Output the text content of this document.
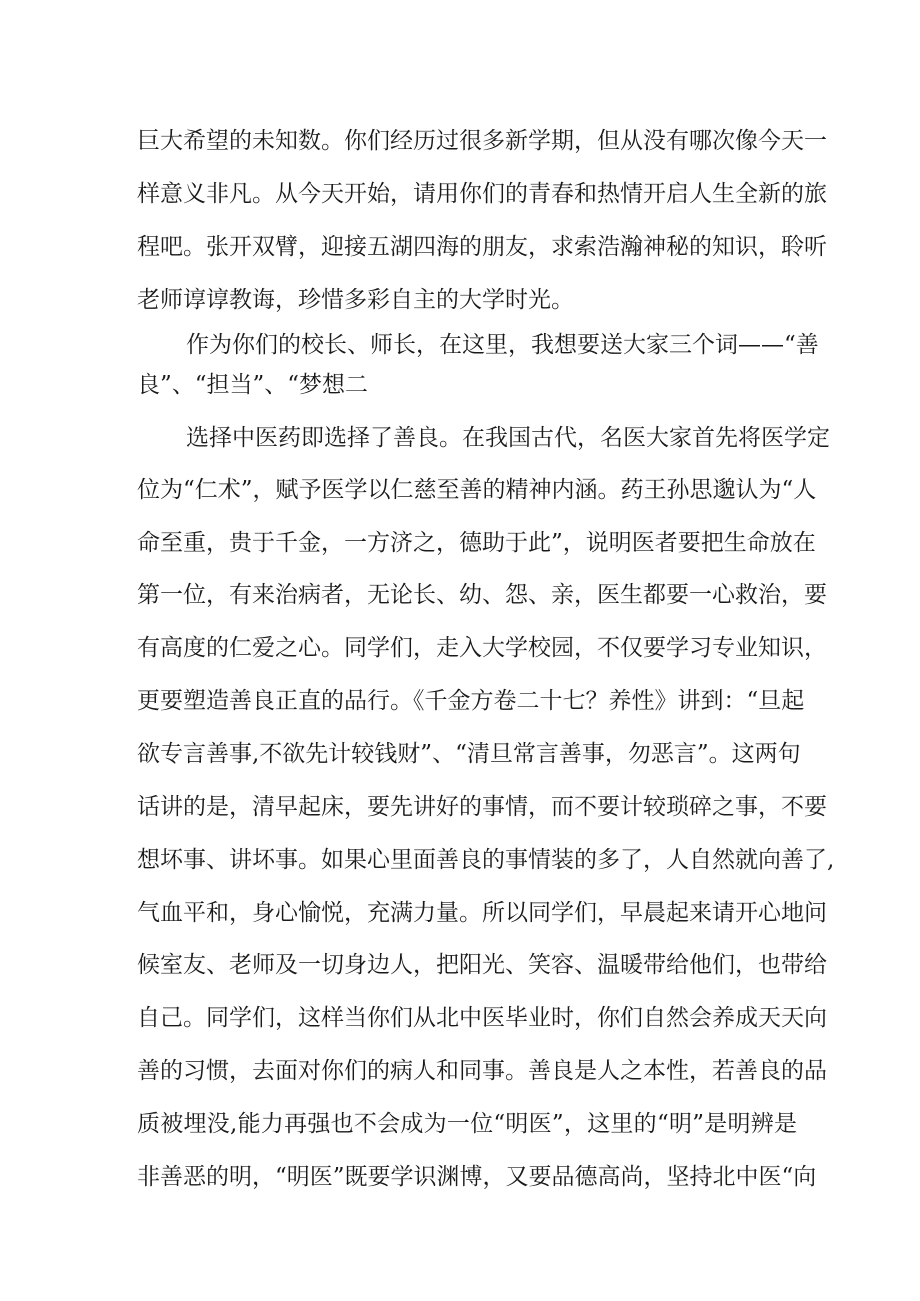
巨大希望的未知数。你们经历过很多新学期，但从没有哪次像今天一
样意义非凡。从今天开始，请用你们的青春和热情开启人生全新的旅
程吧。张开双臂，迎接五湖四海的朋友，求索浩瀚神秘的知识，聆听
老师谆谆教诲，珍惜多彩自主的大学时光。
作为你们的校长、师长，在这里，我想要送大家三个词——“善
良”、“担当”、“梦想二
选择中医药即选择了善良。在我国古代，名医大家首先将医学定
位为“仁术”，赋予医学以仁慈至善的精神内涵。药王孙思邈认为“人
命至重，贵于千金，一方济之，德助于此”，说明医者要把生命放在
第一位，有来治病者，无论长、幼、怨、亲，医生都要一心救治，要
有高度的仁爱之心。同学们，走入大学校园，不仅要学习专业知识，
更要塑造善良正直的品行。《千金方卷二十七？养性》讲到：“旦起
欲专言善事,不欲先计较钱财”、“清旦常言善事，勿恶言”。这两句
话讲的是，清早起床，要先讲好的事情，而不要计较琐碎之事，不要
想坏事、讲坏事。如果心里面善良的事情装的多了，人自然就向善了,
气血平和，身心愉悦，充满力量。所以同学们，早晨起来请开心地问
候室友、老师及一切身边人，把阳光、笑容、温暖带给他们，也带给
自己。同学们，这样当你们从北中医毕业时，你们自然会养成天天向
善的习惯，去面对你们的病人和同事。善良是人之本性，若善良的品
质被埋没,能力再强也不会成为一位“明医”，这里的“明”是明辨是
非善恶的明，“明医”既要学识渊博，又要品德高尚，坚持北中医“向
